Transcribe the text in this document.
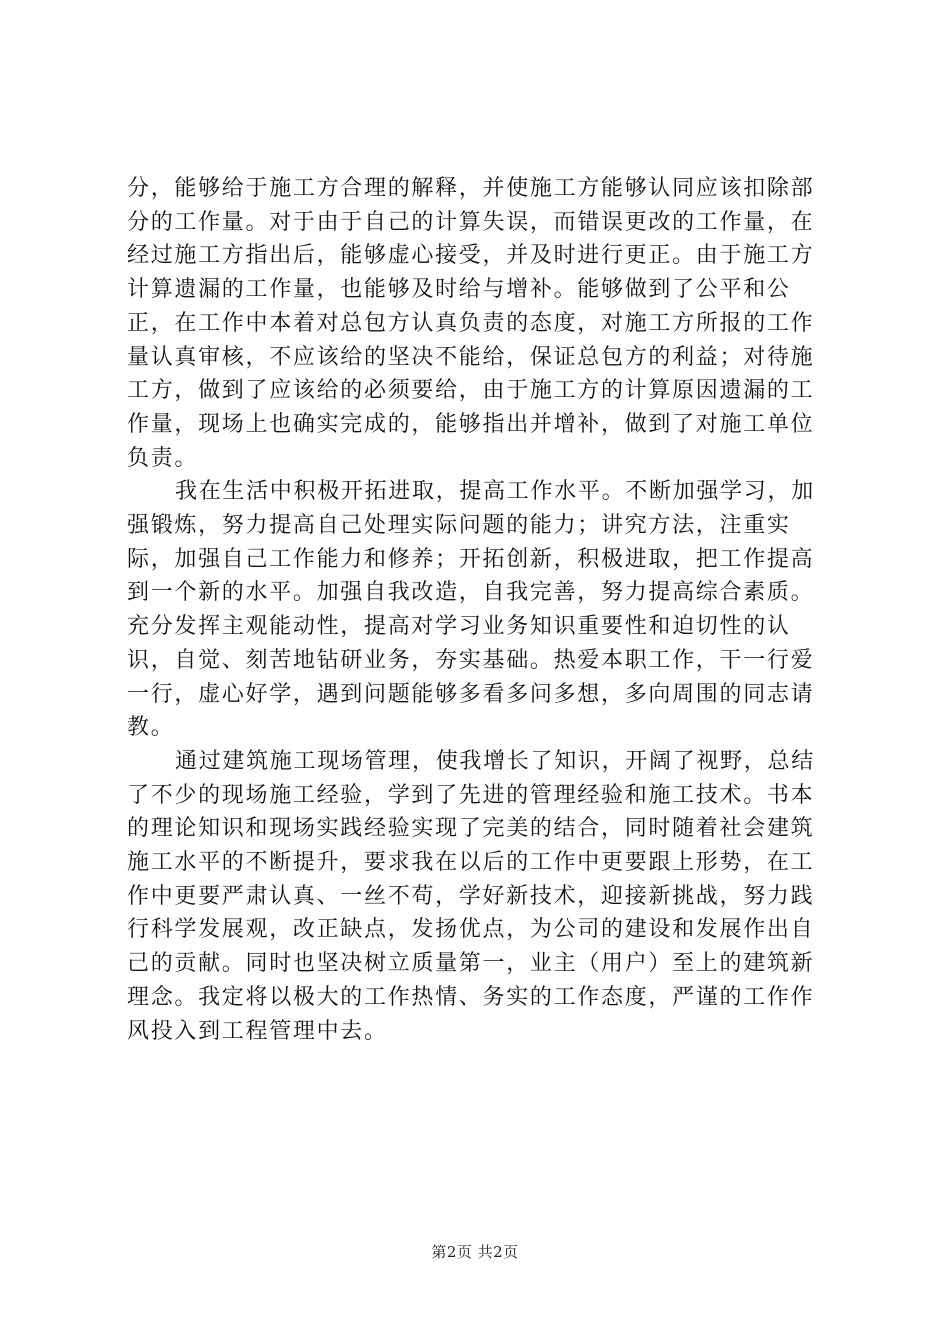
分，能够给于施工方合理的解释，并使施工方能够认同应该扣除部分的工作量。对于由于自己的计算失误，而错误更改的工作量，在经过施工方指出后，能够虚心接受，并及时进行更正。由于施工方计算遗漏的工作量，也能够及时给与增补。能够做到了公平和公正，在工作中本着对总包方认真负责的态度，对施工方所报的工作量认真审核，不应该给的坚决不能给，保证总包方的利益；对待施工方，做到了应该给的必须要给，由于施工方的计算原因遗漏的工作量，现场上也确实完成的，能够指出并增补，做到了对施工单位负责。

我在生活中积极开拓进取，提高工作水平。不断加强学习，加强锻炼，努力提高自己处理实际问题的能力；讲究方法，注重实际，加强自己工作能力和修养；开拓创新，积极进取，把工作提高到一个新的水平。加强自我改造，自我完善，努力提高综合素质。充分发挥主观能动性，提高对学习业务知识重要性和迫切性的认识，自觉、刻苦地钻研业务，夯实基础。热爱本职工作，干一行爱一行，虚心好学，遇到问题能够多看多问多想，多向周围的同志请教。

通过建筑施工现场管理，使我增长了知识，开阔了视野，总结了不少的现场施工经验，学到了先进的管理经验和施工技术。书本的理论知识和现场实践经验实现了完美的结合，同时随着社会建筑施工水平的不断提升，要求我在以后的工作中更要跟上形势，在工作中更要严肃认真、一丝不苟，学好新技术，迎接新挑战，努力践行科学发展观，改正缺点，发扬优点，为公司的建设和发展作出自己的贡献。同时也坚决树立质量第一，业主（用户）至上的建筑新理念。我定将以极大的工作热情、务实的工作态度，严谨的工作作风投入到工程管理中去。

第2页 共2页
